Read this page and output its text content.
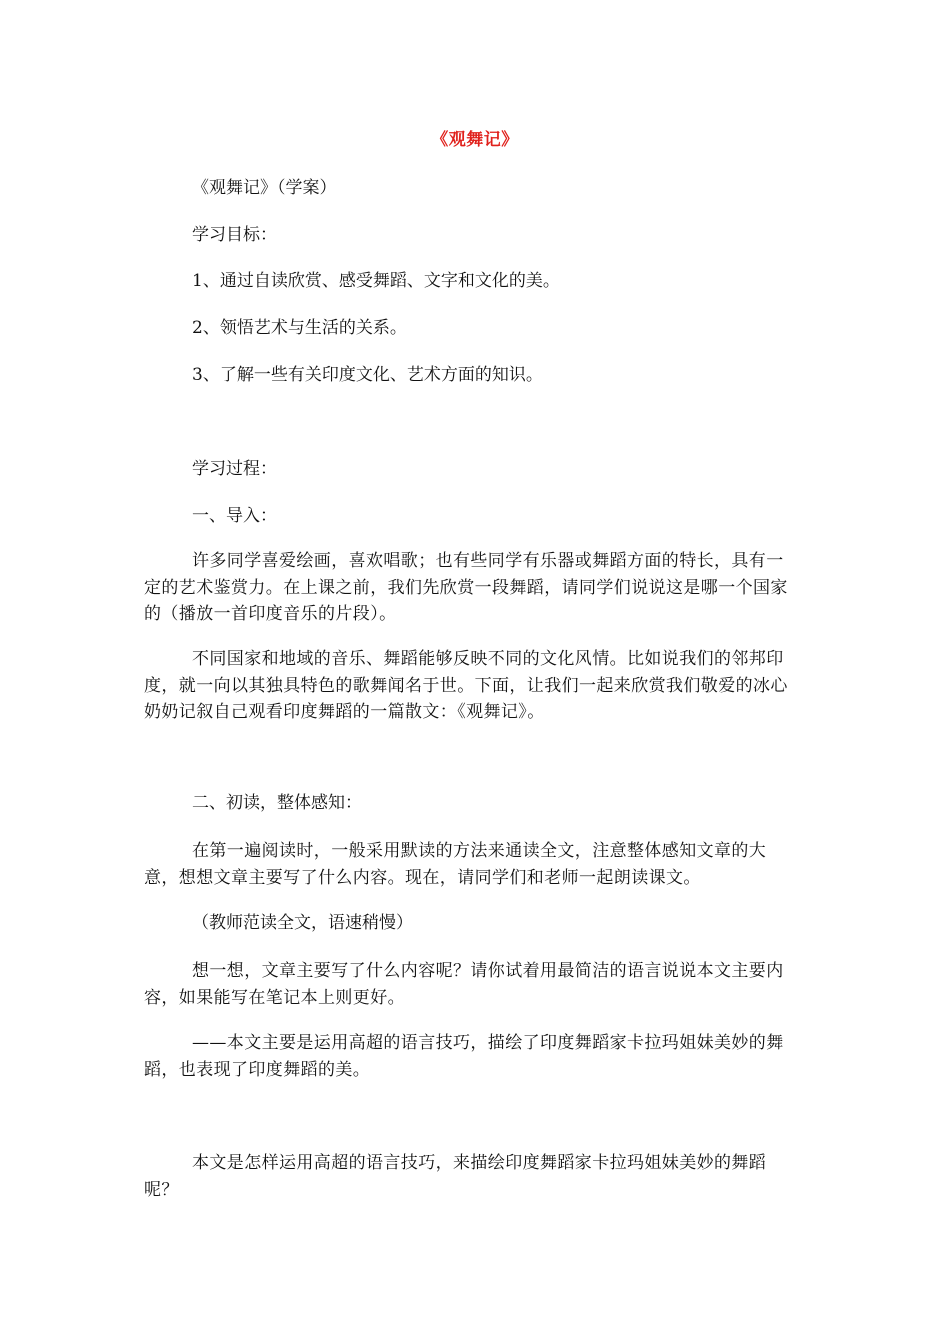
《观舞记》
《观舞记》（学案）
学习目标：
1、通过自读欣赏、感受舞蹈、文字和文化的美。
2、领悟艺术与生活的关系。
3、了解一些有关印度文化、艺术方面的知识。
学习过程：
一、导入：
许多同学喜爱绘画，喜欢唱歌；也有些同学有乐器或舞蹈方面的特长，具有一定的艺术鉴赏力。在上课之前，我们先欣赏一段舞蹈，请同学们说说这是哪一个国家的（播放一首印度音乐的片段）。
不同国家和地域的音乐、舞蹈能够反映不同的文化风情。比如说我们的邻邦印度，就一向以其独具特色的歌舞闻名于世。下面，让我们一起来欣赏我们敬爱的冰心奶奶记叙自己观看印度舞蹈的一篇散文：《观舞记》。
二、初读，整体感知：
在第一遍阅读时，一般采用默读的方法来通读全文，注意整体感知文章的大意，想想文章主要写了什么内容。现在，请同学们和老师一起朗读课文。
（教师范读全文，语速稍慢）
想一想，文章主要写了什么内容呢？请你试着用最简洁的语言说说本文主要内容，如果能写在笔记本上则更好。
——本文主要是运用高超的语言技巧，描绘了印度舞蹈家卡拉玛姐妹美妙的舞蹈，也表现了印度舞蹈的美。
本文是怎样运用高超的语言技巧，来描绘印度舞蹈家卡拉玛姐妹美妙的舞蹈呢？
